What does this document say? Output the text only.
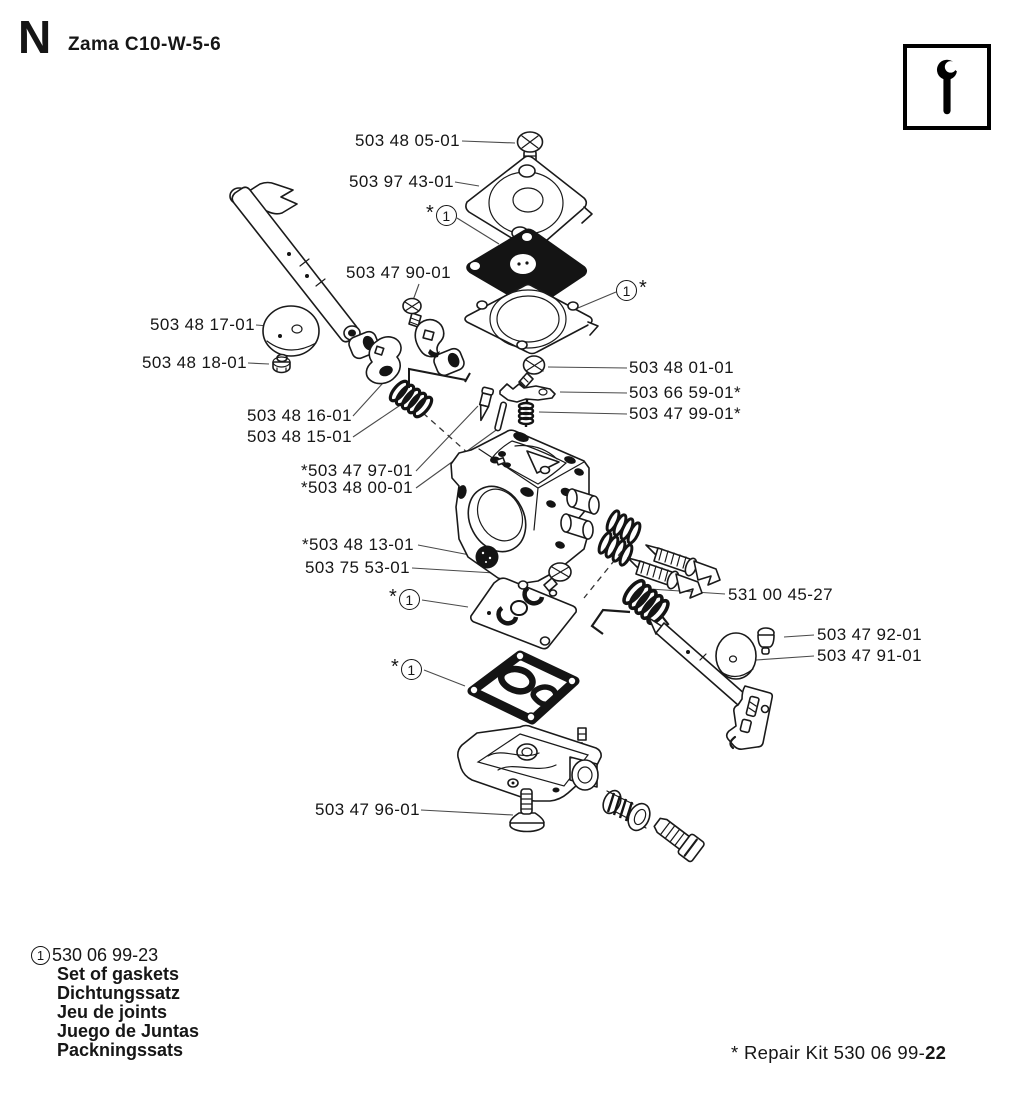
N Zama C10-W-5-6
503 48 05-01
503 97 43-01
* 1
503 47 90-01
1 *
503 48 17-01
503 48 18-01	503 48 01-01
503 66 59-01*
503 47 99-01*
503 48 16-01
503 48 15-01
*503 47 97-01
*503 48 00-01
*503 48 13-01
503 75 53-01
* 1	531 00 45-27
503 47 92-01
503 47 91-01
* 1
503 47 96-01
1 530 06 99-23
Set of gaskets
Dichtungssatz
Jeu de joints
Juego de Juntas
Packningssats	* Repair Kit 530 06 99-22
